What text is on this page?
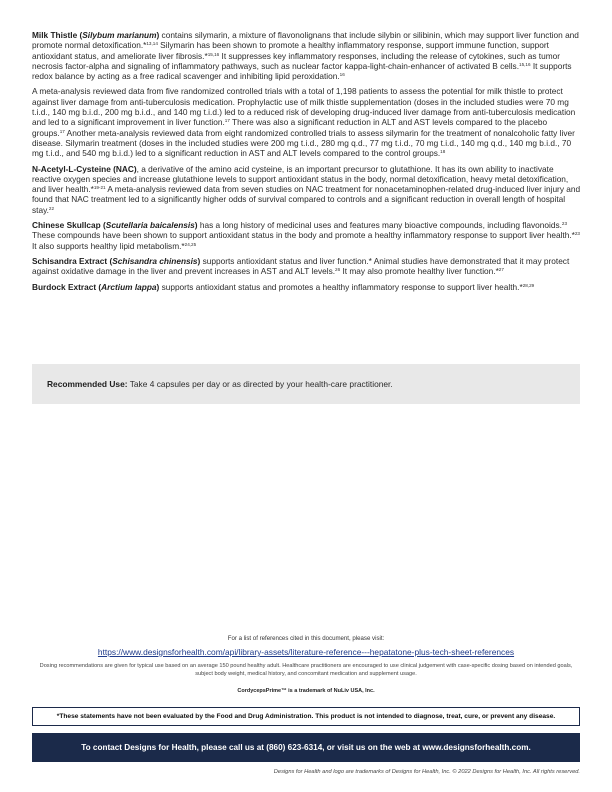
Milk Thistle (Silybum marianum) contains silymarin, a mixture of flavonolignans that include silybin or silibinin, which may support liver function and promote normal detoxification.*$^{13,14}$ Silymarin has been shown to promote a healthy inflammatory response, support immune function, support antioxidant status, and ameliorate liver fibrosis.*$^{15,16}$ It suppresses key inflammatory responses, including the release of cytokines, such as tumor necrosis factor-alpha and signaling of inflammatory pathways, such as nuclear factor kappa-light-chain-enhancer of activated B cells.$^{15,16}$ It supports redox balance by acting as a free radical scavenger and inhibiting lipid peroxidation.$^{16}$

A meta-analysis reviewed data from five randomized controlled trials with a total of 1,198 patients to assess the potential for milk thistle to protect against liver damage from anti-tuberculosis medication. Prophylactic use of milk thistle supplementation (doses in the included studies were 70 mg t.i.d., 140 mg b.i.d., 200 mg b.i.d., and 140 mg t.i.d.) led to a reduced risk of developing drug-induced liver damage from anti-tuberculosis medication and led to a significant improvement in liver function.$^{17}$ There was also a significant reduction in ALT and AST levels compared to the placebo groups.$^{17}$ Another meta-analysis reviewed data from eight randomized controlled trials to assess silymarin for the treatment of nonalcoholic fatty liver disease. Silymarin treatment (doses in the included studies were 200 mg t.i.d., 280 mg q.d., 77 mg t.i.d., 70 mg t.i.d., 140 mg q.d., 140 mg b.i.d., 70 mg t.i.d., and 540 mg b.i.d.) led to a significant reduction in AST and ALT levels compared to the control groups.$^{18}$

N-Acetyl-L-Cysteine (NAC), a derivative of the amino acid cysteine, is an important precursor to glutathione. It has its own ability to inactivate reactive oxygen species and increase glutathione levels to support antioxidant status in the body, normal detoxification, heavy metal detoxification, and liver health.*$^{19-21}$ A meta-analysis reviewed data from seven studies on NAC treatment for nonacetaminophen-related drug-induced liver injury and found that NAC treatment led to a significantly higher odds of survival compared to controls and a significant reduction in overall length of hospital stay.$^{22}$

Chinese Skullcap (Scutellaria baicalensis) has a long history of medicinal uses and features many bioactive compounds, including flavonoids.$^{23}$ These compounds have been shown to support antioxidant status in the body and promote a healthy inflammatory response to support liver health.*$^{23}$ It also supports healthy lipid metabolism.*$^{24,25}$

Schisandra Extract (Schisandra chinensis) supports antioxidant status and liver function.* Animal studies have demonstrated that it may protect against oxidative damage in the liver and prevent increases in AST and ALT levels.$^{26}$ It may also promote healthy liver function.*$^{27}$

Burdock Extract (Arctium lappa) supports antioxidant status and promotes a healthy inflammatory response to support liver health.*$^{28,29}$

Recommended Use: Take 4 capsules per day or as directed by your health-care practitioner.
For a list of references cited in this document, please visit:
https://www.designsforhealth.com/api/library-assets/literature-reference---hepatatone-plus-tech-sheet-references
Dosing recommendations are given for typical use based on an average 150 pound healthy adult. Healthcare practitioners are encouraged to use clinical judgement with case-specific dosing based on intended goals, subject body weight, medical history, and concomitant medication and supplement usage.
CordycepsPrime™ is a trademark of NuLiv USA, Inc.
*These statements have not been evaluated by the Food and Drug Administration. This product is not intended to diagnose, treat, cure, or prevent any disease.
To contact Designs for Health, please call us at (860) 623-6314, or visit us on the web at www.designsforhealth.com.
Designs for Health and logo are trademarks of Designs for Health, Inc. © 2022 Designs for Health, Inc. All rights reserved.
